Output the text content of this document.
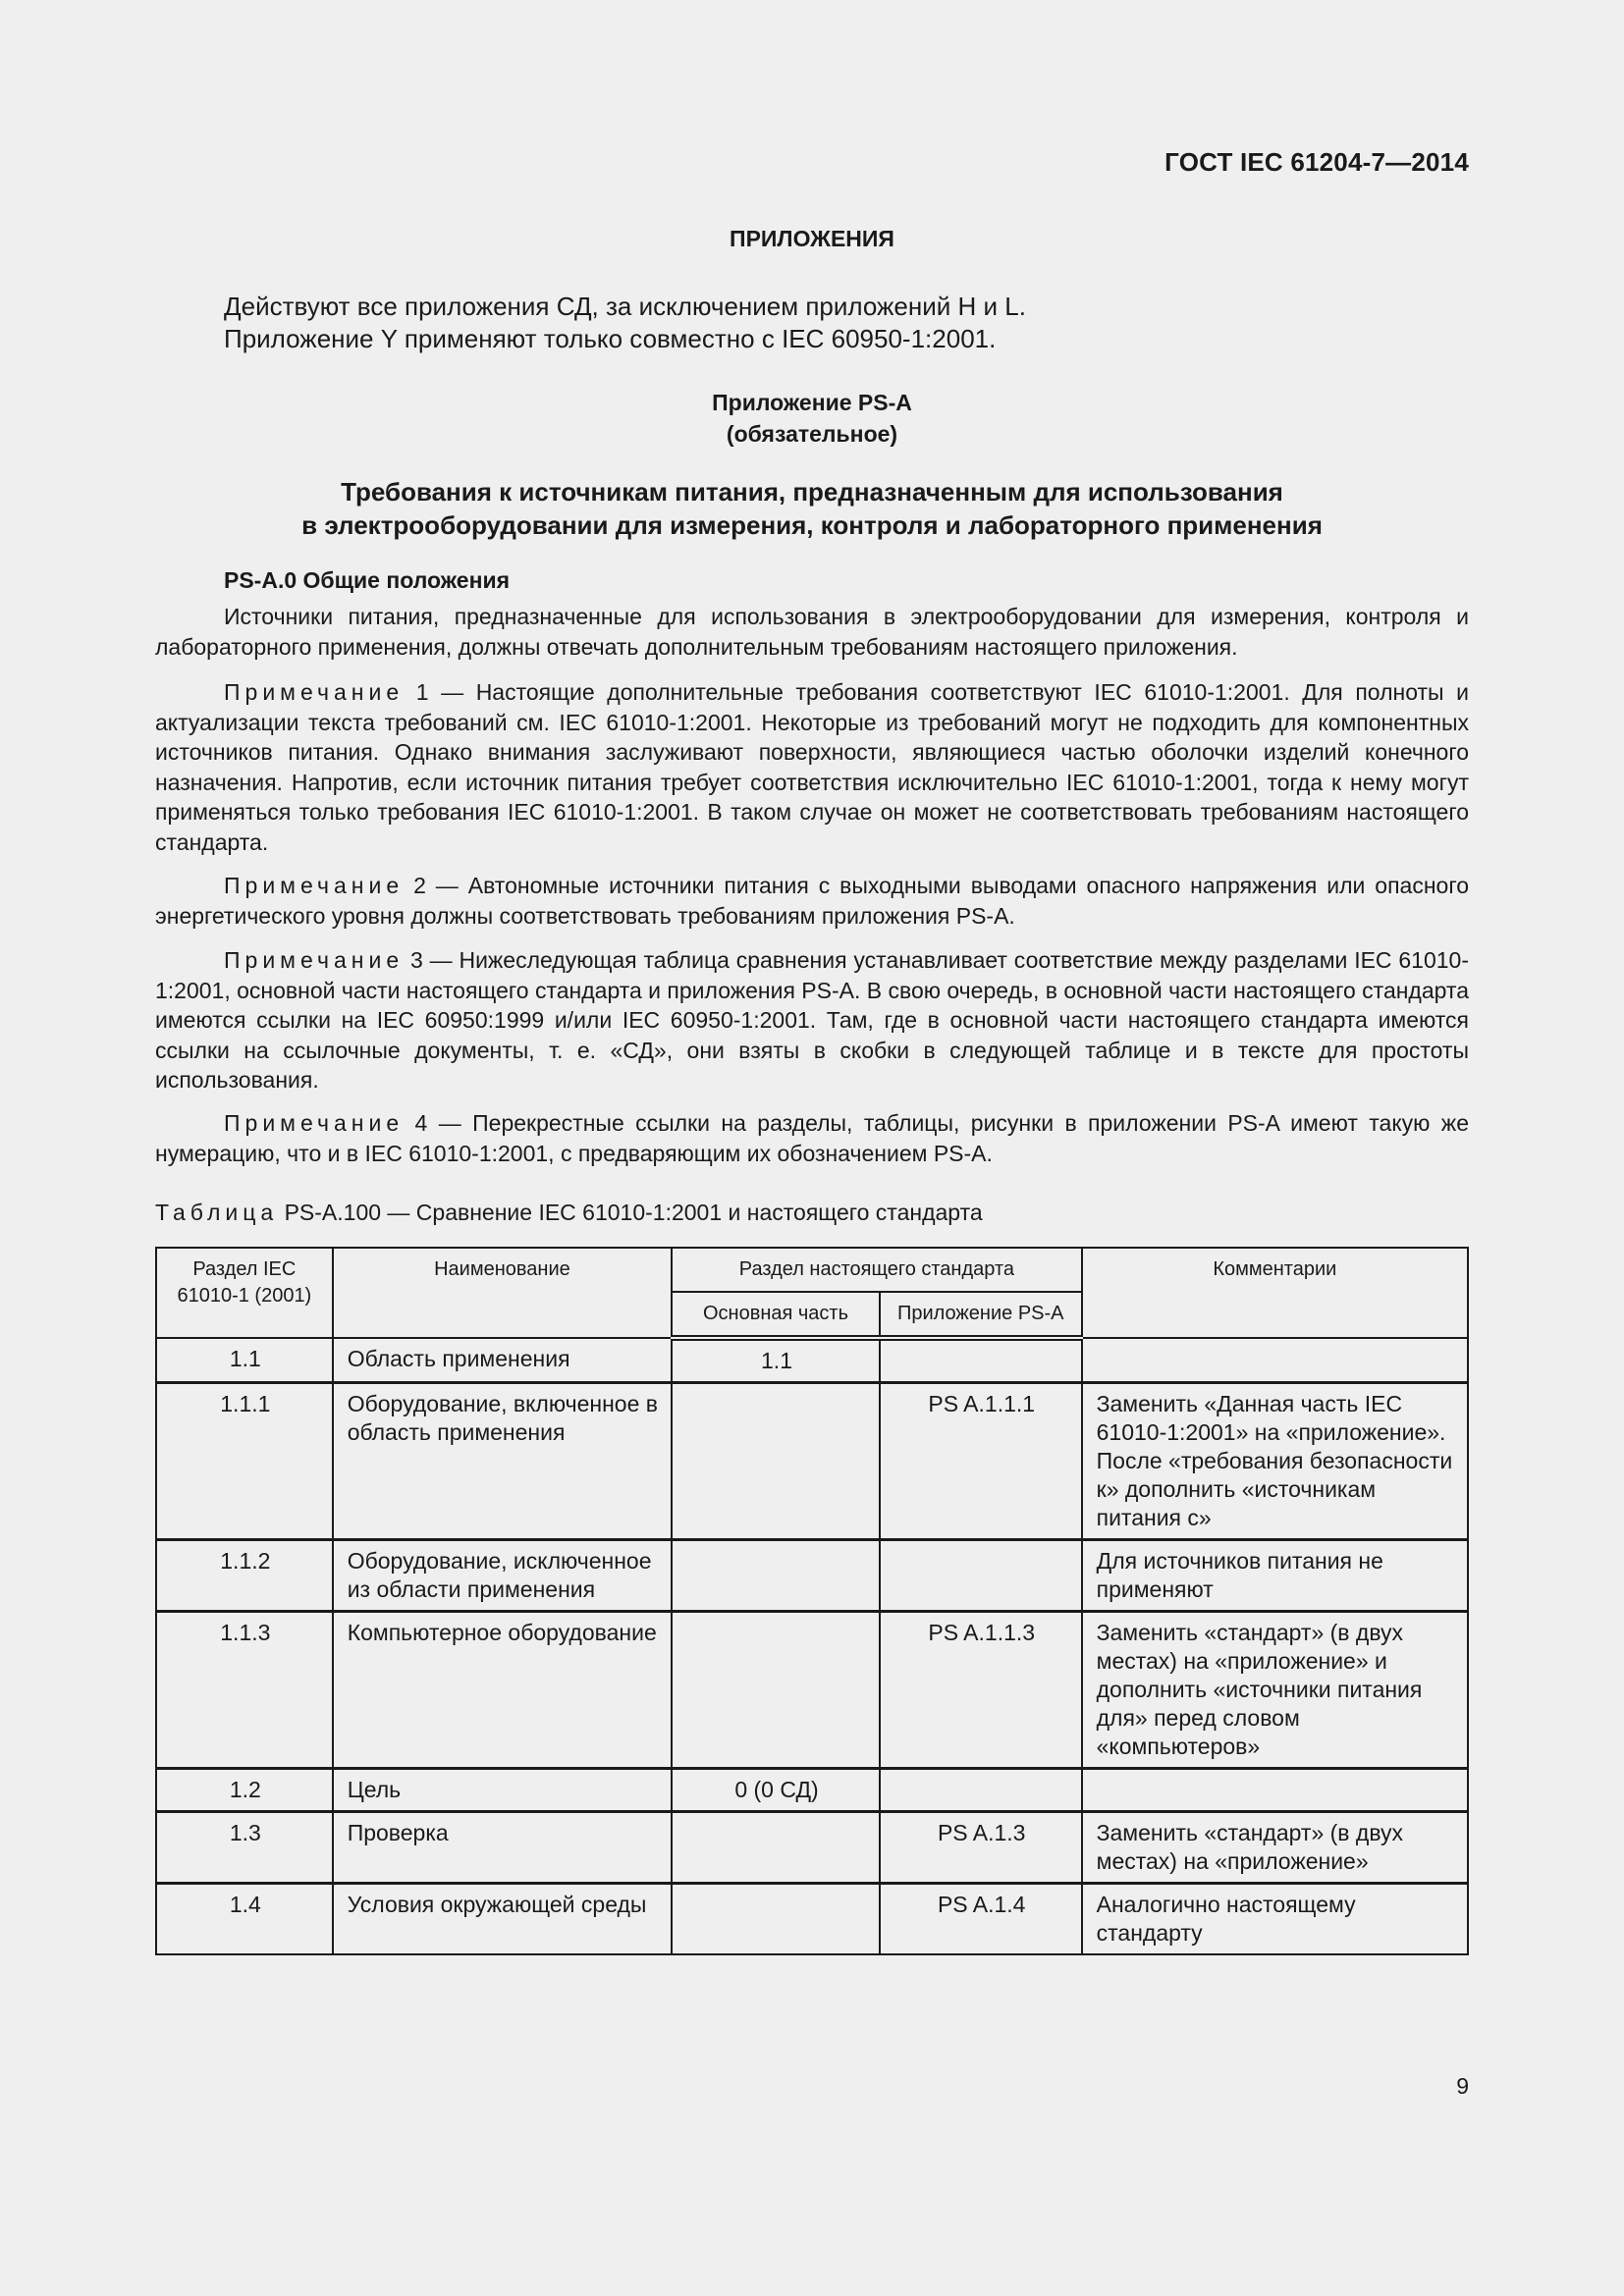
ГОСТ IEC 61204-7—2014
ПРИЛОЖЕНИЯ
Действуют все приложения СД, за исключением приложений Н и L.
Приложение Y применяют только совместно с IEC 60950-1:2001.
Приложение PS-A
(обязательное)
Требования к источникам питания, предназначенным для использования
в электрооборудовании для измерения, контроля и лабораторного применения
PS-A.0 Общие положения

Источники питания, предназначенные для использования в электрооборудовании для измерения, контроля и лабораторного применения, должны отвечать дополнительным требованиям настоящего приложения.

Примечание 1 — Настоящие дополнительные требования соответствуют IEC 61010-1:2001. Для полноты и актуализации текста требований см. IEC 61010-1:2001. Некоторые из требований могут не подходить для компонентных источников питания. Однако внимания заслуживают поверхности, являющиеся частью оболочки изделий конечного назначения. Напротив, если источник питания требует соответствия исключительно IEC 61010-1:2001, тогда к нему могут применяться только требования IEC 61010-1:2001. В таком случае он может не соответствовать требованиям настоящего стандарта.

Примечание 2 — Автономные источники питания с выходными выводами опасного напряжения или опасного энергетического уровня должны соответствовать требованиям приложения PS-A.

Примечание 3 — Нижеследующая таблица сравнения устанавливает соответствие между разделами IEC 61010-1:2001, основной части настоящего стандарта и приложения PS-A. В свою очередь, в основной части настоящего стандарта имеются ссылки на IEC 60950:1999 и/или IEC 60950-1:2001. Там, где в основной части настоящего стандарта имеются ссылки на ссылочные документы, т. е. «СД», они взяты в скобки в следующей таблице и в тексте для простоты использования.

Примечание 4 — Перекрестные ссылки на разделы, таблицы, рисунки в приложении PS-A имеют такую же нумерацию, что и в IEC 61010-1:2001, с предваряющим их обозначением PS-A.

Таблица PS-A.100 — Сравнение IEC 61010-1:2001 и настоящего стандарта
Раздел IEC 61010-1 (2001)	Наименование	Раздел настоящего стандарта		Комментарии
		Основная часть	Приложение PS-A	
1.1	Область применения	1.1		
1.1.1	Оборудование, включенное в область применения		PS A.1.1.1	Заменить «Данная часть IEC 61010-1:2001» на «приложение». После «требования безопасности к» дополнить «источникам питания с»
1.1.2	Оборудование, исключенное из области применения			Для источников питания не применяют
1.1.3	Компьютерное оборудование		PS A.1.1.3	Заменить «стандарт» (в двух местах) на «приложение» и дополнить «источники питания для» перед словом «компьютеров»
1.2	Цель	0 (0 СД)		
1.3	Проверка		PS A.1.3	Заменить «стандарт» (в двух местах) на «приложение»
1.4	Условия окружающей среды		PS A.1.4	Аналогично настоящему стандарту
9
